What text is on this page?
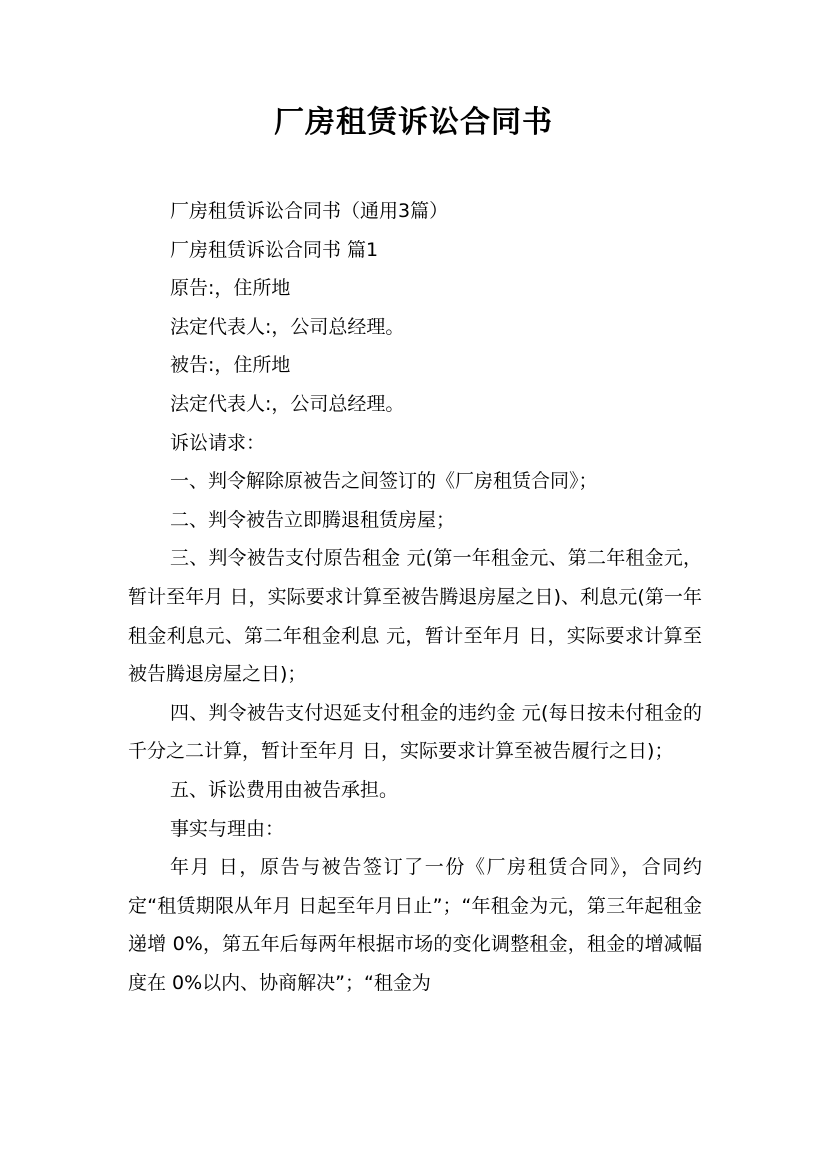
厂房租赁诉讼合同书

厂房租赁诉讼合同书（通用3篇）

厂房租赁诉讼合同书 篇1

原告:，住所地

法定代表人:，公司总经理。

被告:，住所地

法定代表人:，公司总经理。

诉讼请求：

一、判令解除原被告之间签订的《厂房租赁合同》；

二、判令被告立即腾退租赁房屋；

三、判令被告支付原告租金 元(第一年租金元、第二年租金元，暂计至年月 日，实际要求计算至被告腾退房屋之日)、利息元(第一年租金利息元、第二年租金利息 元，暂计至年月 日，实际要求计算至被告腾退房屋之日)；

四、判令被告支付迟延支付租金的违约金 元(每日按未付租金的千分之二计算，暂计至年月 日，实际要求计算至被告履行之日)；

五、诉讼费用由被告承担。

事实与理由：

年月 日，原告与被告签订了一份《厂房租赁合同》，合同约定“租赁期限从年月 日起至年月日止”；“年租金为元，第三年起租金递增 0%，第五年后每两年根据市场的变化调整租金，租金的增减幅度在 0%以内、协商解决”；“租金为
